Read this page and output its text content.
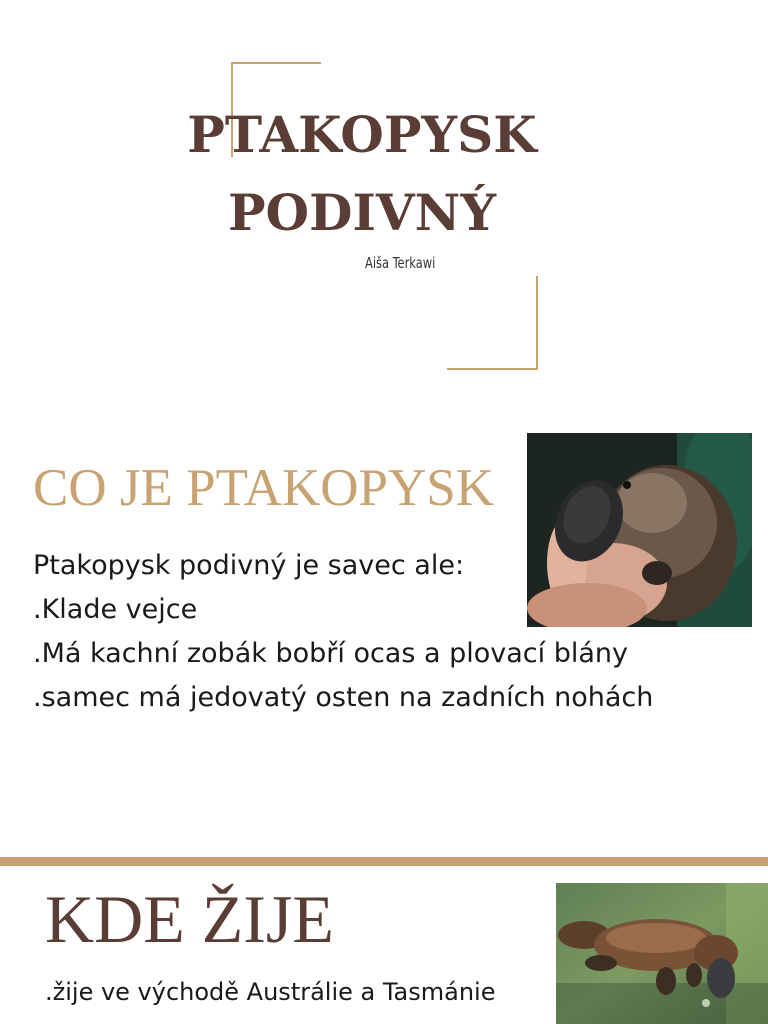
PTAKOPYSK
PODIVNÝ
Aiša Terkawi
CO JE PTAKOPYSK
Ptakopysk podivný je savec ale:
.Klade vejce
.Má kachní zobák bobří ocas a plovací blány
.samec má jedovatý osten na zadních nohách
KDE ŽIJE
.žije ve východě Austrálie a Tasmánie
